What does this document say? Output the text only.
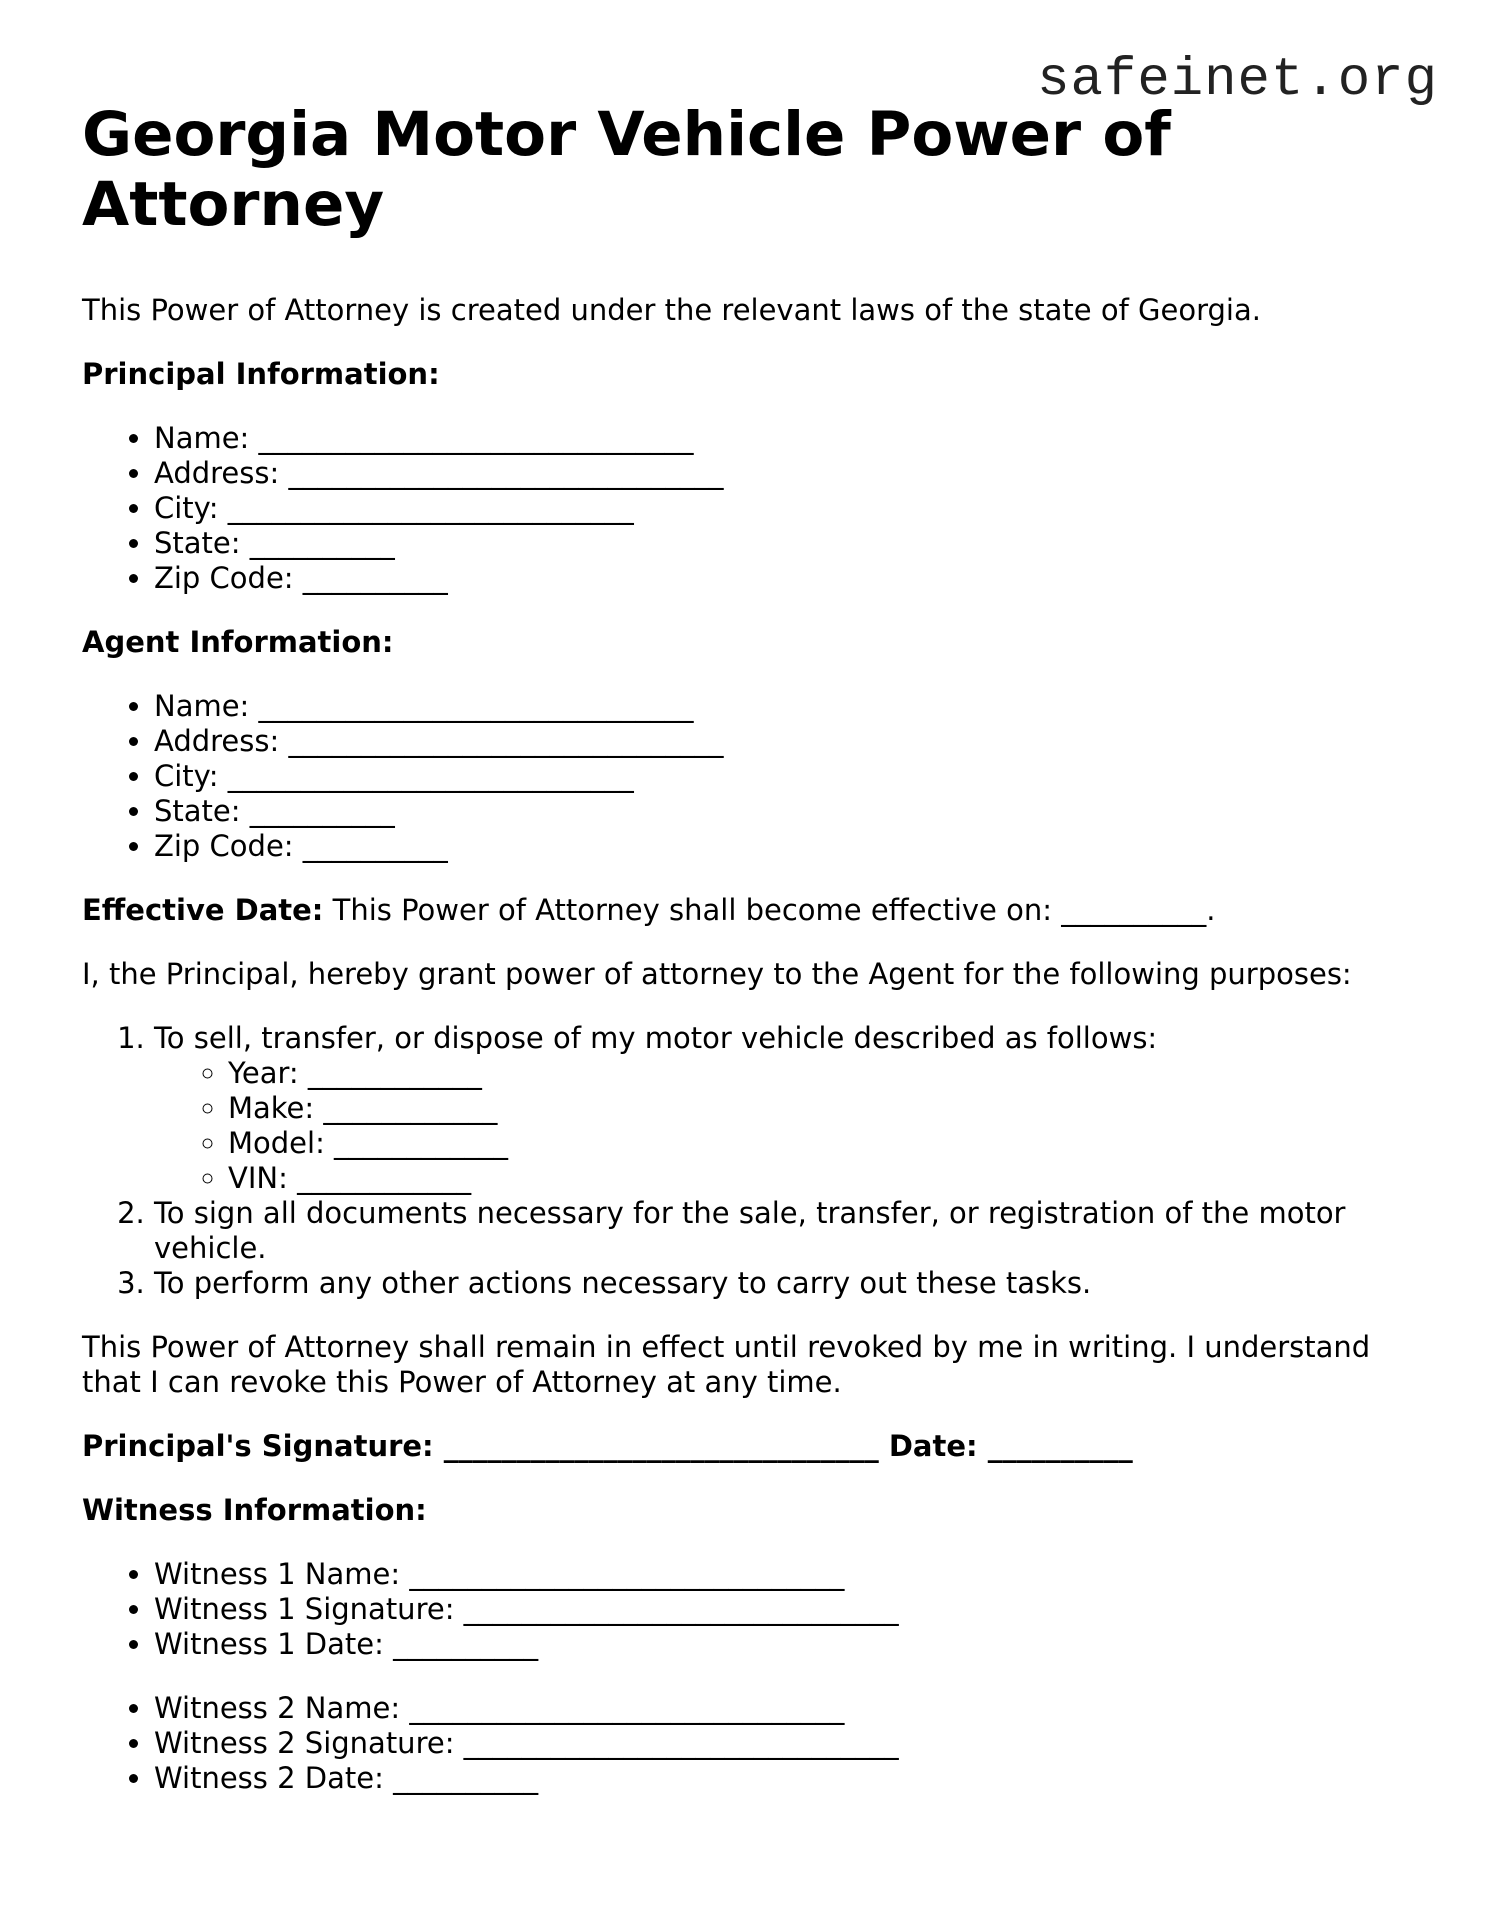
safeinet.org
Georgia Motor Vehicle Power of Attorney

This Power of Attorney is created under the relevant laws of the state of Georgia.

Principal Information:

• Name: ______________________________
• Address: ______________________________
• City: ____________________________
• State: __________
• Zip Code: __________

Agent Information:

• Name: ______________________________
• Address: ______________________________
• City: ____________________________
• State: __________
• Zip Code: __________

Effective Date: This Power of Attorney shall become effective on: __________.

I, the Principal, hereby grant power of attorney to the Agent for the following purposes:

1. To sell, transfer, or dispose of my motor vehicle described as follows:
◦ Year: ____________
◦ Make: ____________
◦ Model: ____________
◦ VIN: ____________
2. To sign all documents necessary for the sale, transfer, or registration of the motor vehicle.
3. To perform any other actions necessary to carry out these tasks.

This Power of Attorney shall remain in effect until revoked by me in writing. I understand that I can revoke this Power of Attorney at any time.

Principal's Signature: ______________________________ Date: __________

Witness Information:

• Witness 1 Name: ______________________________
• Witness 1 Signature: ______________________________
• Witness 1 Date: __________
• Witness 2 Name: ______________________________
• Witness 2 Signature: ______________________________
• Witness 2 Date: __________
